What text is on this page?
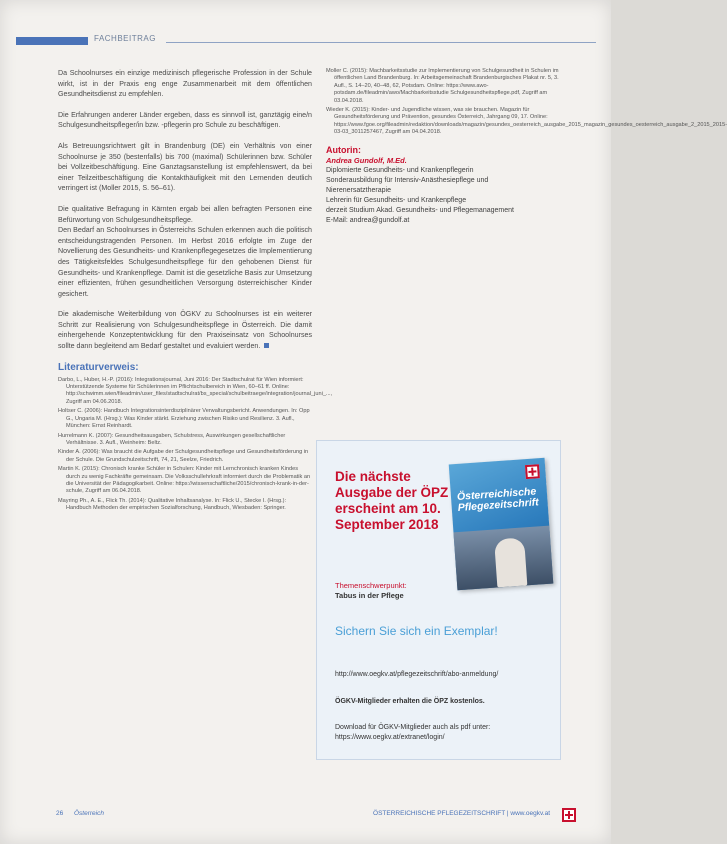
FACHBEITRAG

Da Schoolnurses ein einzige medizinisch pflegerische Profession in der Schule wirkt, ist in der Praxis eng enge Zusammenarbeit mit dem öffentlichen Gesundheitsdienst zu empfehlen.

Die Erfahrungen anderer Länder ergeben, dass es sinnvoll ist, ganztägig eine/n Schulgesundheitspfleger/in bzw. -pflegerin pro Schule zu beschäftigen.

Als Betreuungsrichtwert gilt in Brandenburg (DE) ein Verhältnis von einer Schoolnurse je 350 (bestenfalls) bis 700 (maximal) Schülerinnen bzw. Schüler bei Vollzeitbeschäftigung. Eine Ganztagsanstellung ist empfehlenswert, da bei einer Teilzeitbeschäftigung die Kontakthäufigkeit mit den Lernenden deutlich verringert ist (Moller 2015, S. 56–61).

Die qualitative Befragung in Kärnten ergab bei allen befragten Personen eine Befürwortung von Schulgesundheitspflege.

Den Bedarf an Schoolnurses in Österreichs Schulen erkennen auch die politisch entscheidungstragenden Personen. Im Herbst 2016 erfolgte im Zuge der Novellierung des Gesundheits- und Krankenpflegegesetzes die Implementierung des Tätigkeitsfeldes Schulgesundheitspflege für den gehobenen Dienst für Gesundheits- und Krankenpflege. Damit ist die gesetzliche Basis zur Umsetzung einer effizienten, frühen gesundheitlichen Versorgung österreichischer Kinder gesichert.

Die akademische Weiterbildung von ÖGKV zu Schoolnurses ist ein weiterer Schritt zur Realisierung von Schulgesundheitspflege in Österreich. Die damit einhergehende Konzeptentwicklung für den Praxiseinsatz von Schoolnurses sollte dann begleitend am Bedarf gestaltet und evaluiert werden.

Literaturverweis:
Darbo, L., Huber, H.-P. (2016): Integrationsjournal, Juni 2016: Der Stadtschulrat für Wien informiert: Unterstützende Systeme für Schülerinnen im Pflichtschulbereich in Wien, 60–61 ff. Online: http://schwimm.wien/fileadmin/user_files/stadtschulrat/bs_special/schulbeitraege/integration/journal_juni_..., Zugriff am 04.06.2018.
Holtser C. (2006): Handbuch Integrationsinterdisziplinärer Verwaltungsbericht. Anwendungen. In: Opp G., Ungaria M. (Hrsg.): Was Kinder stärkt. Erziehung zwischen Risiko und Resilienz. 3. Aufl., München: Ernst Reinhardt.
Hurrelmann K. (2007): Gesundheitsausgaben, Schulstress, Auswirkungen gesellschaftlicher Verhältnisse. 3. Aufl., Weinheim: Beltz.
Kinder A. (2006): Was braucht die Aufgabe der Schulgesundheitspflege und Gesundheitsförderung in der Schule. Die Grundschulzeitschrift, 74, 21, Seelze, Friedrich.
Martin K. (2015): Chronisch kranke Schüler in Schulen: Kinder mit Lernchronisch kranken Kindes durch zu wenig Fachkräfte gemeinsam. Die Volksschullehrkraft informiert durch die Problematik an die Universität der Pädagogikarbeit. Online: https://wissenschaftliche/2015/chronisch-krank-in-der-schule, Zugriff am 06.04.2018.
Mayring Ph., A. E., Flick Th. (2014): Qualitative Inhaltsanalyse. In: Flick U., Stecke I. (Hrsg.): Handbuch Methoden der empirischen Sozialforschung, Handbuch, Wiesbaden: Springer.
Moller C. (2015): Machbarkeitsstudie zur Implementierung von Schulgesundheit in Schulen im öffentlichen Land Brandenburg. In: Arbeitsgemeinschaft Brandenburgisches Plakat nr. 5, 3. Aufl., S. 14–20, 40–48, 62, Potsdam. Online: https://www.awo-potsdam.de/fileadmin/awo/Machbarkeitsstudie Schulgesundheitspflege.pdf, Zugriff am 03.04.2018.
Wieder K. (2015): Kinder- und Jugendliche wissen, was sie brauchen. Magazin für Gesundheitsförderung und Prävention, gesundes Österreich, Jahrgang 09, 17. Online: https://www.fgoe.org/fileadmin/redaktion/downloads/magazin/gesundes_oesterreich_ausgabe_2015_magazin_gesundes_oesterreich_ausgabe_2_2015_2015-03-03_3011257467, Zugriff am 04.04.2018.
Autorin:
Andrea Gundolf, M.Ed.
Diplomierte Gesundheits- und Krankenpflegerin
Sonderausbildung für Intensiv-Anästhesiepflege und
Nierenersatztherapie
Lehrerin für Gesundheits- und Krankenpflege
derzeit Studium Akad. Gesundheits- und Pflegemanagement
E-Mail: andrea@gundolf.at
Die nächste Ausgabe der ÖPZ erscheint am 10. September 2018
Österreichische Pflegezeitschrift
Themenschwerpunkt:
Tabus in der Pflege
Sichern Sie sich ein Exemplar!
http://www.oegkv.at/pflegezeitschrift/abo-anmeldung/
ÖGKV-Mitglieder erhalten die ÖPZ kostenlos.
Download für ÖGKV-Mitglieder auch als pdf unter: https://www.oegkv.at/extranet/login/
26 Österreich	ÖSTERREICHISCHE PFLEGEZEITSCHRIFT | www.oegkv.at
